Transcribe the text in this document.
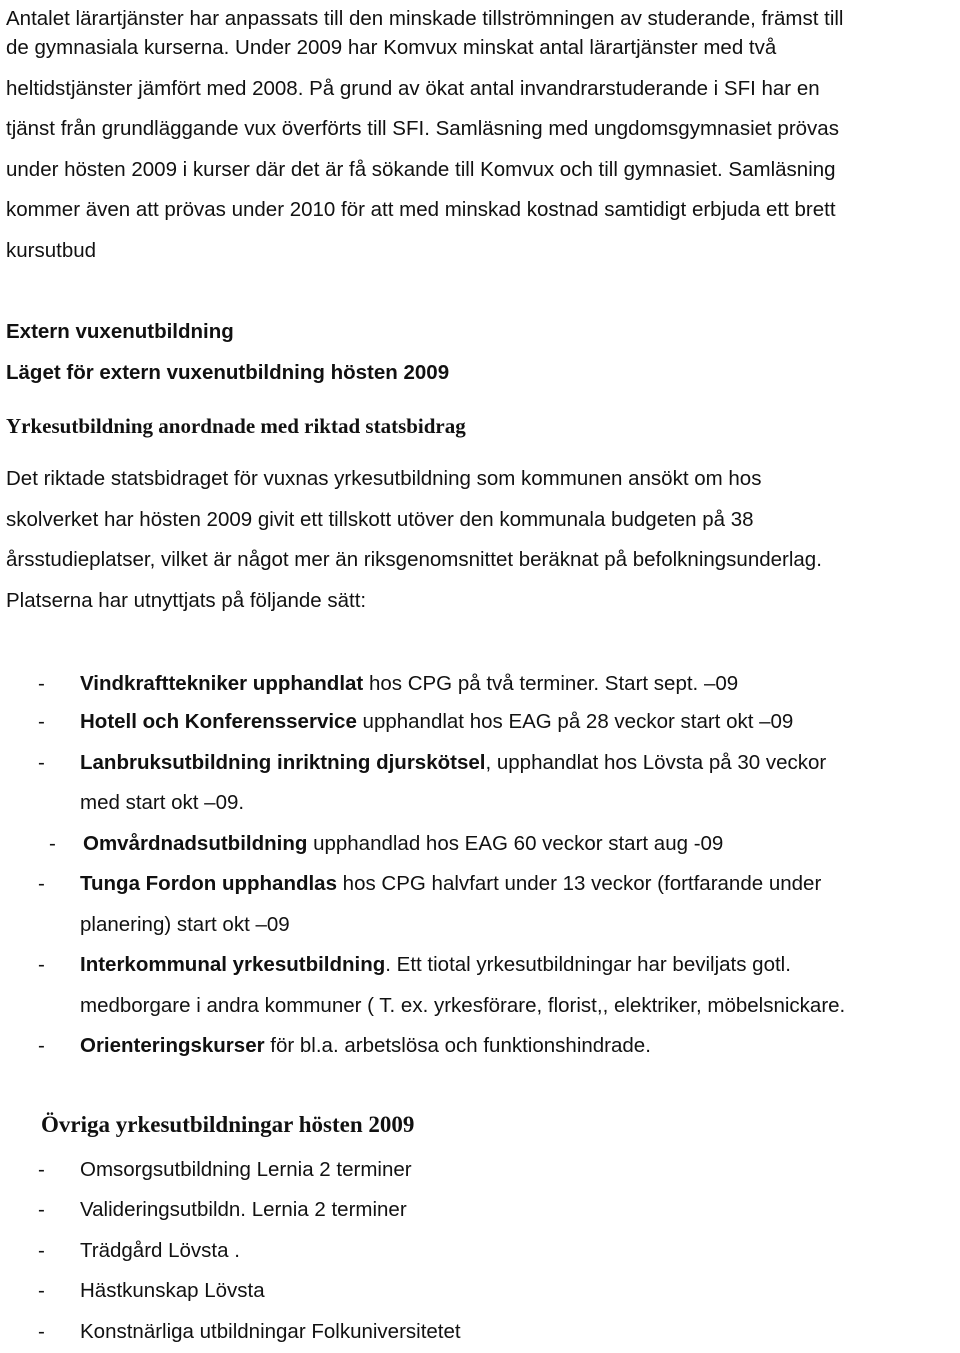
Antalet lärartjänster har anpassats till den minskade tillströmningen av studerande, främst till
de gymnasiala kurserna. Under 2009 har Komvux minskat antal lärartjänster med två
heltidstjänster jämfört med 2008. På grund av ökat antal invandrarstuderande i SFI har en
tjänst från grundläggande vux överförts till SFI. Samläsning med ungdomsgymnasiet prövas
under hösten 2009 i kurser där det är få sökande till Komvux och till gymnasiet. Samläsning
kommer även att prövas under 2010 för att med minskad kostnad samtidigt erbjuda ett brett
kursutbud
Extern vuxenutbildning
Läget för extern vuxenutbildning hösten 2009
Yrkesutbildning anordnade med riktad statsbidrag
Det riktade statsbidraget för vuxnas yrkesutbildning som kommunen ansökt om hos
skolverket har hösten 2009 givit ett tillskott utöver den kommunala budgeten på 38
årsstudieplatser, vilket är något mer än riksgenomsnittet beräknat på befolkningsunderlag.
Platserna har utnyttjats på följande sätt:
- Vindkrafttekniker upphandlat hos CPG på två terminer. Start sept. –09
- Hotell och Konferensservice upphandlat hos EAG på 28 veckor start okt –09
- Lanbruksutbildning inriktning djurskötsel, upphandlat hos Lövsta på 30 veckor
med start okt –09.
- Omvårdnadsutbildning upphandlad hos EAG 60 veckor start aug -09
- Tunga Fordon upphandlas hos CPG halvfart under 13 veckor (fortfarande under
planering) start okt –09
- Interkommunal yrkesutbildning. Ett tiotal yrkesutbildningar har beviljats gotl.
medborgare i andra kommuner ( T. ex. yrkesförare, florist,, elektriker, möbelsnickare.
- Orienteringskurser för bl.a. arbetslösa och funktionshindrade.
Övriga yrkesutbildningar hösten 2009
- Omsorgsutbildning Lernia 2 terminer
- Valideringsutbildn. Lernia 2 terminer
- Trädgård Lövsta .
- Hästkunskap Lövsta
- Konstnärliga utbildningar Folkuniversitetet
